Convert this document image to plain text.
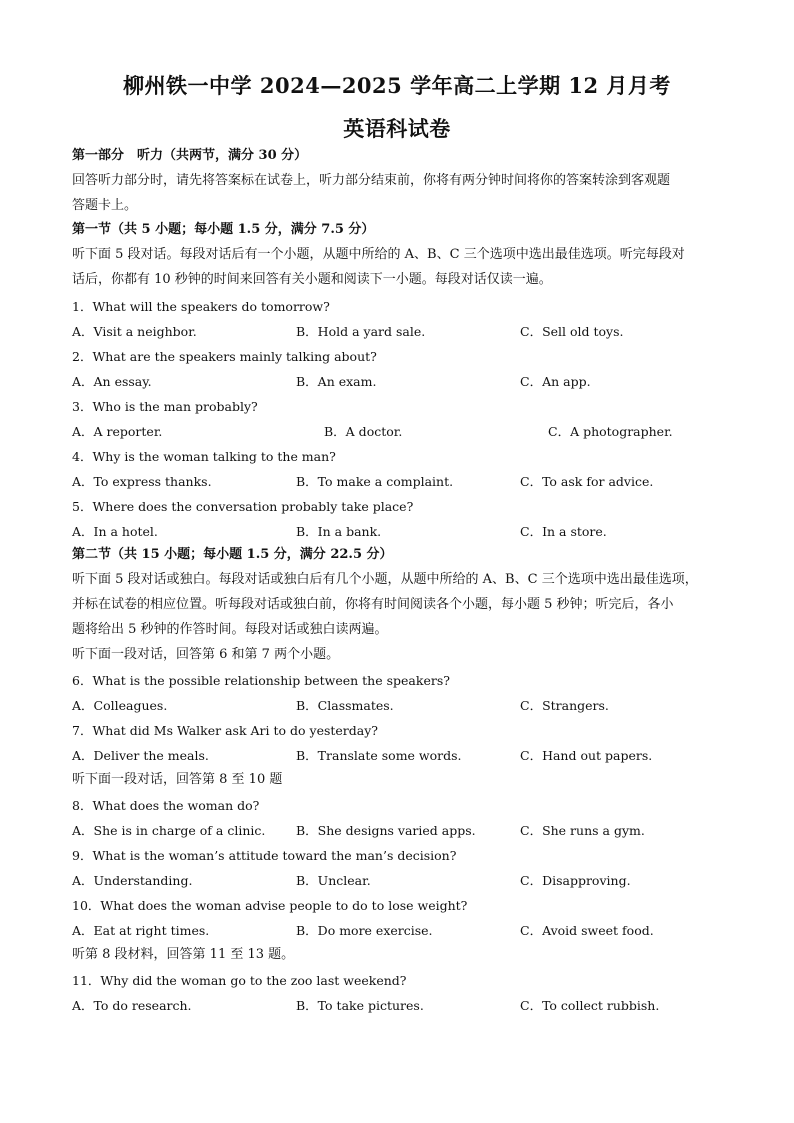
柳州铁一中学 2024—2025 学年高二上学期 12 月月考
英语科试卷
第一部分　听力（共两节，满分 30 分）
回答听力部分时，请先将答案标在试卷上，听力部分结束前，你将有两分钟时间将你的答案转涂到客观题
答题卡上。
第一节（共 5 小题；每小题 1.5 分，满分 7.5 分）
听下面 5 段对话。每段对话后有一个小题，从题中所给的 A、B、C 三个选项中选出最佳选项。听完每段对
话后，你都有 10 秒钟的时间来回答有关小题和阅读下一小题。每段对话仅读一遍。
1．What will the speakers do tomorrow?
A．Visit a neighbor.	B．Hold a yard sale.	C．Sell old toys.
2．What are the speakers mainly talking about?
A．An essay.	B．An exam.	C．An app.
3．Who is the man probably?
A．A reporter.	B．A doctor.	C．A photographer.
4．Why is the woman talking to the man?
A．To express thanks.	B．To make a complaint.	C．To ask for advice.
5．Where does the conversation probably take place?
A．In a hotel.	B．In a bank.	C．In a store.
第二节（共 15 小题；每小题 1.5 分，满分 22.5 分）
听下面 5 段对话或独白。每段对话或独白后有几个小题，从题中所给的 A、B、C 三个选项中选出最佳选项，
并标在试卷的相应位置。听每段对话或独白前，你将有时间阅读各个小题，每小题 5 秒钟；听完后，各小
题将给出 5 秒钟的作答时间。每段对话或独白读两遍。
听下面一段对话，回答第 6 和第 7 两个小题。
6．What is the possible relationship between the speakers?
A．Colleagues.	B．Classmates.	C．Strangers.
7．What did Ms Walker ask Ari to do yesterday?
A．Deliver the meals.	B．Translate some words.	C．Hand out papers.
听下面一段对话，回答第 8 至 10 题
8．What does the woman do?
A．She is in charge of a clinic. B．She designs varied apps.	C．She runs a gym.
9．What is the woman’s attitude toward the man’s decision?
A．Understanding.	B．Unclear.	C．Disapproving.
10．What does the woman advise people to do to lose weight?
A．Eat at right times.	B．Do more exercise.	C．Avoid sweet food.
听第 8 段材料，回答第 11 至 13 题。
11．Why did the woman go to the zoo last weekend?
A．To do research.	B．To take pictures.	C．To collect rubbish.
